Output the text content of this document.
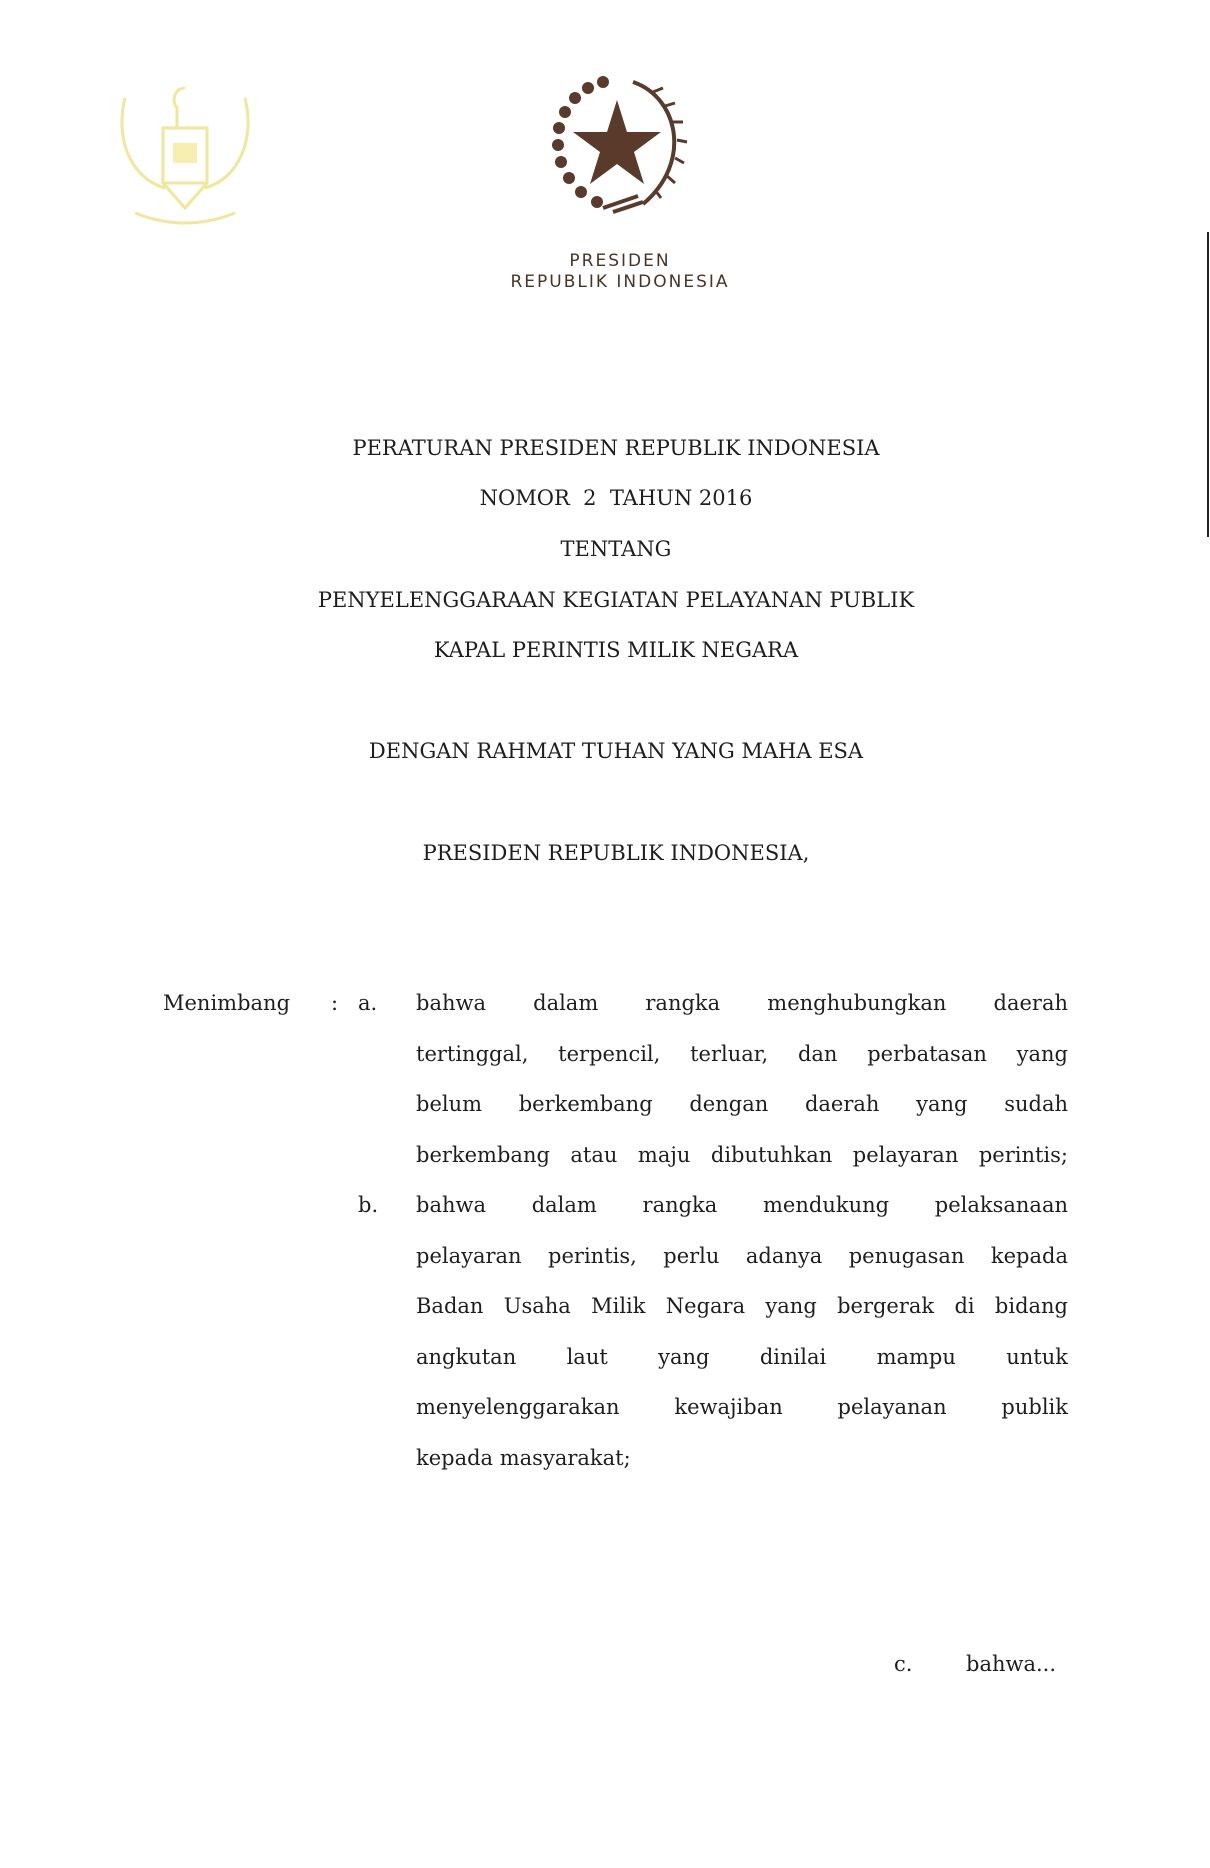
PRESIDEN
REPUBLIK INDONESIA
PERATURAN PRESIDEN REPUBLIK INDONESIA
NOMOR  2  TAHUN 2016
TENTANG
PENYELENGGARAAN KEGIATAN PELAYANAN PUBLIK
KAPAL PERINTIS MILIK NEGARA
DENGAN RAHMAT TUHAN YANG MAHA ESA
PRESIDEN REPUBLIK INDONESIA,
Menimbang : a. bahwa dalam rangka menghubungkan daerah
tertinggal, terpencil, terluar, dan perbatasan yang
belum berkembang dengan daerah yang sudah
berkembang atau maju dibutuhkan pelayaran perintis;
b. bahwa dalam rangka mendukung pelaksanaan
pelayaran perintis, perlu adanya penugasan kepada
Badan Usaha Milik Negara yang bergerak di bidang
angkutan laut yang dinilai mampu untuk
menyelenggarakan kewajiban pelayanan publik
kepada masyarakat;
c.	bahwa...
